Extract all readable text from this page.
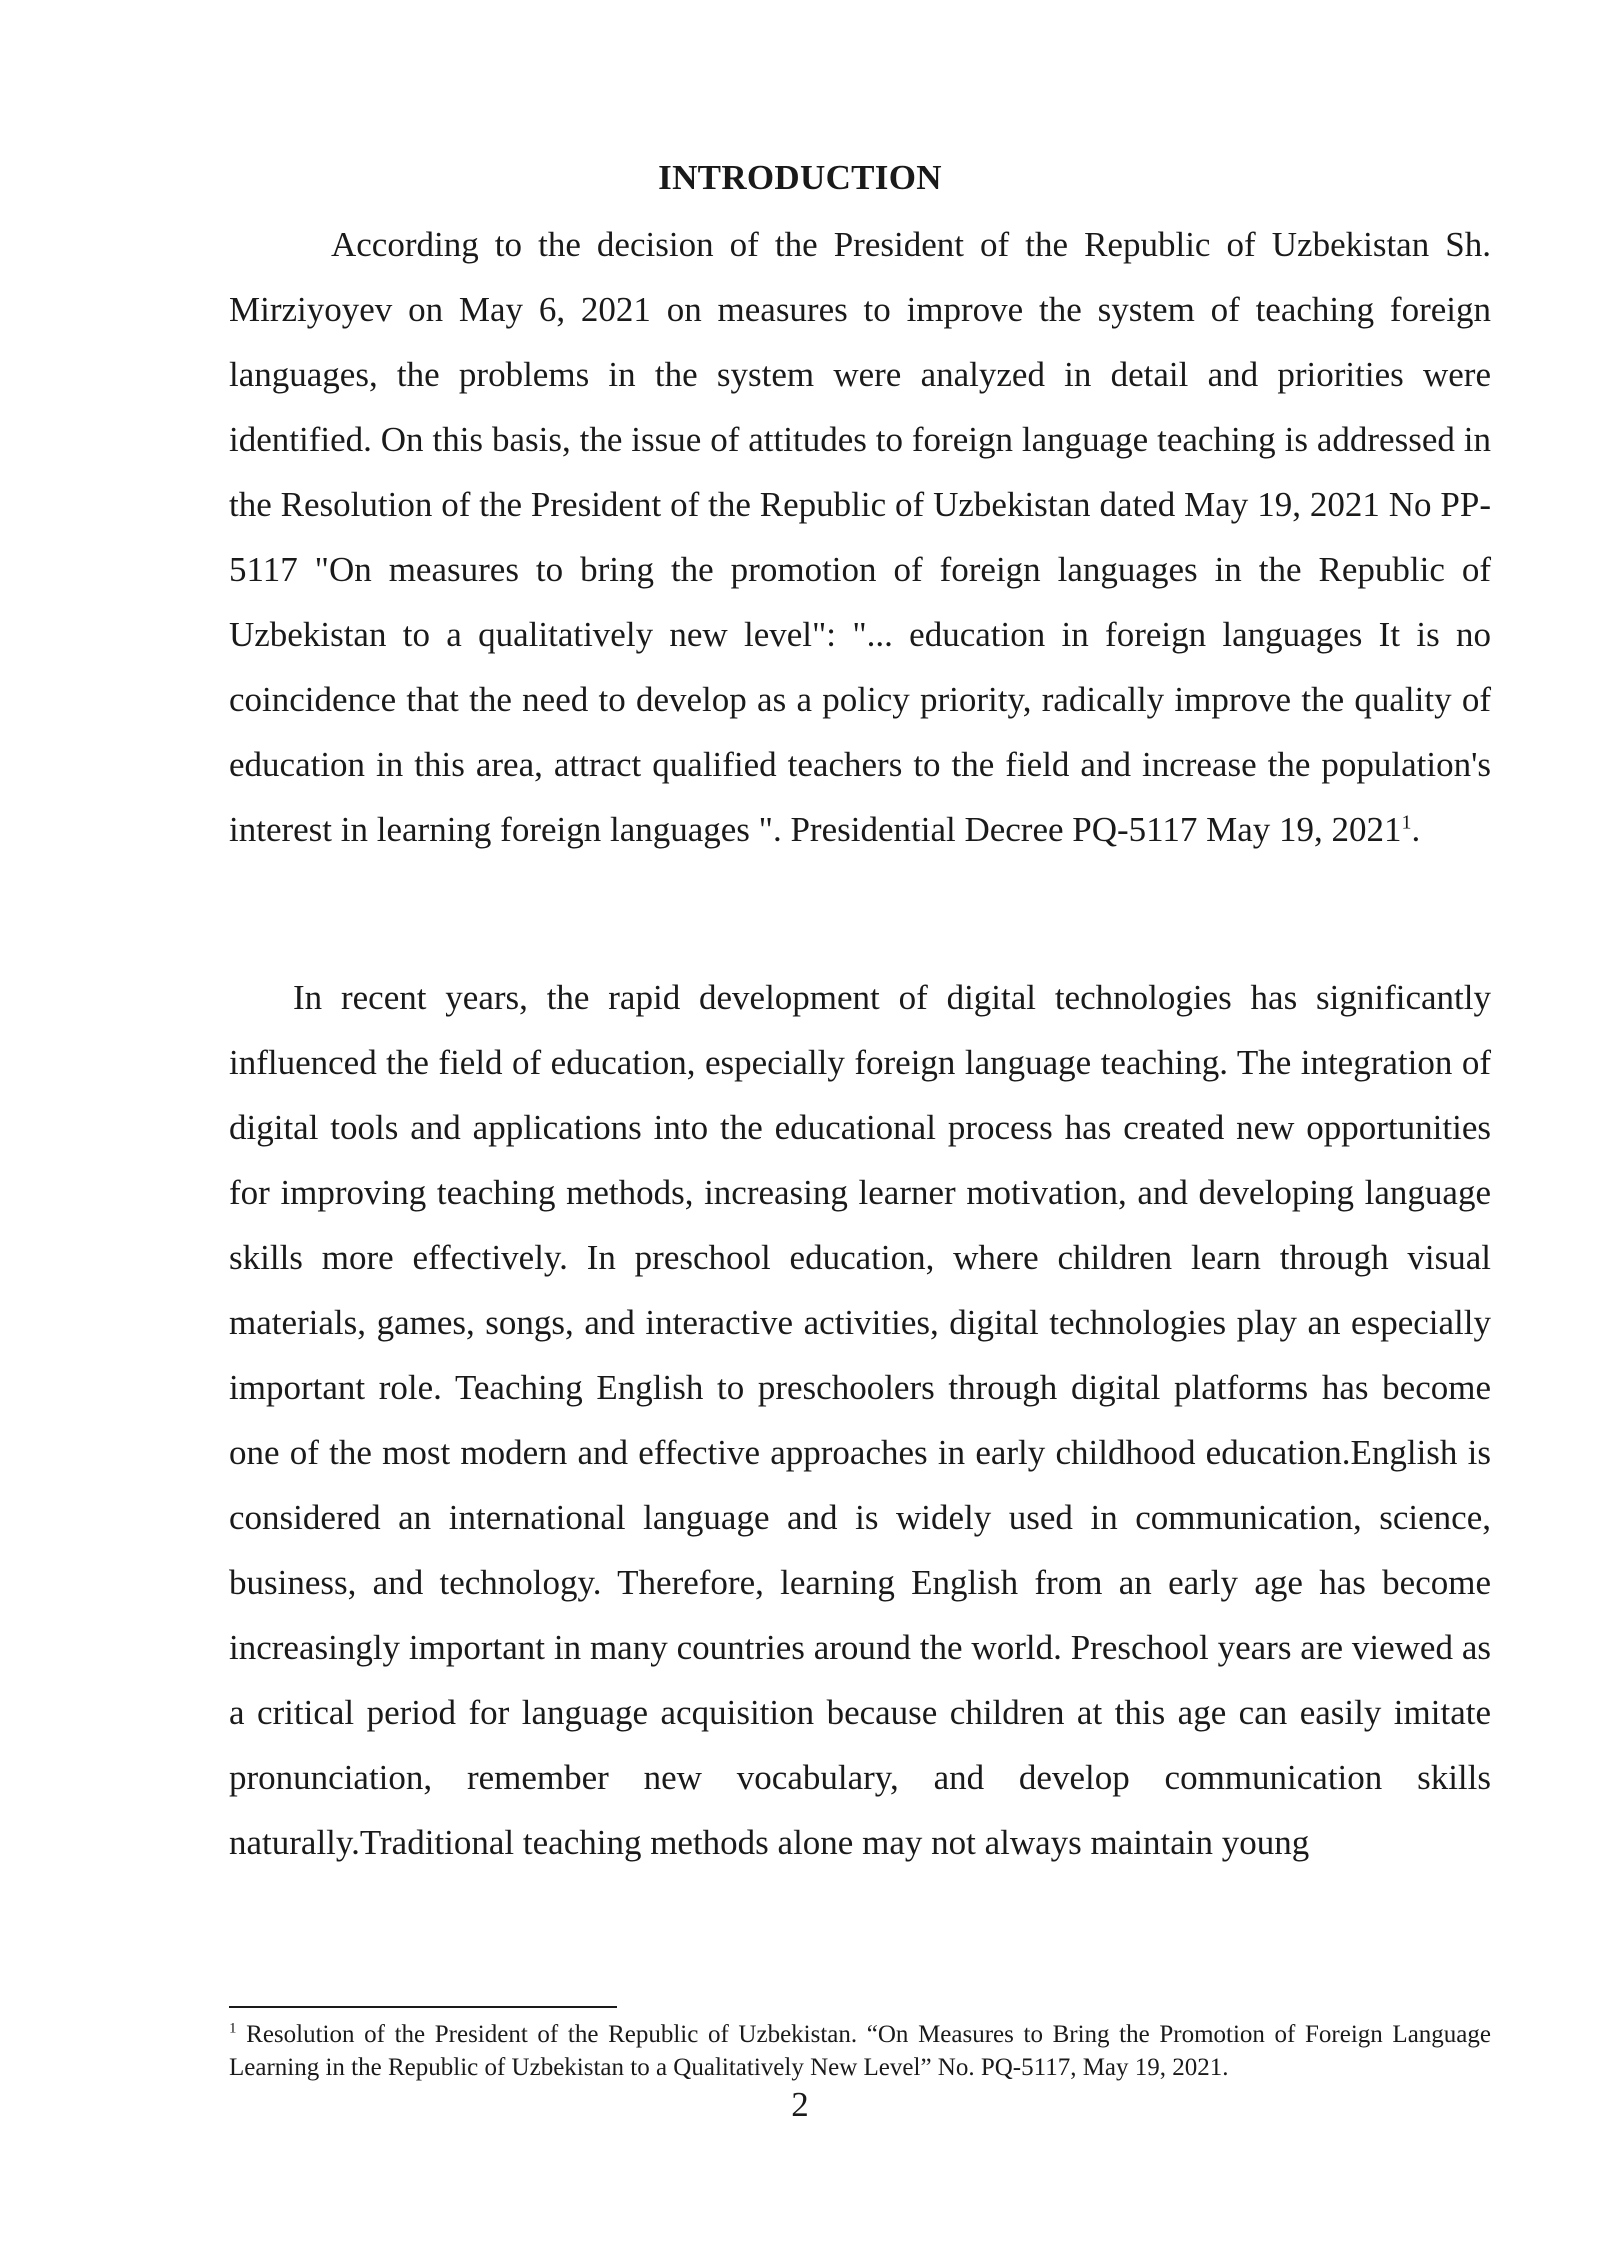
INTRODUCTION

According to the decision of the President of the Republic of Uzbekistan Sh. Mirziyoyev on May 6, 2021 on measures to improve the system of teaching foreign languages, the problems in the system were analyzed in detail and priorities were identified. On this basis, the issue of attitudes to foreign language teaching is addressed in the Resolution of the President of the Republic of Uzbekistan dated May 19, 2021 No PP-5117 "On measures to bring the promotion of foreign languages in the Republic of Uzbekistan to a qualitatively new level": "... education in foreign languages It is no coincidence that the need to develop as a policy priority, radically improve the quality of education in this area, attract qualified teachers to the field and increase the population's interest in learning foreign languages ". Presidential Decree PQ-5117 May 19, 2021$^1$.

In recent years, the rapid development of digital technologies has significantly influenced the field of education, especially foreign language teaching. The integration of digital tools and applications into the educational process has created new opportunities for improving teaching methods, increasing learner motivation, and developing language skills more effectively. In preschool education, where children learn through visual materials, games, songs, and interactive activities, digital technologies play an especially important role. Teaching English to preschoolers through digital platforms has become one of the most modern and effective approaches in early childhood education.English is considered an international language and is widely used in communication, science, business, and technology. Therefore, learning English from an early age has become increasingly important in many countries around the world. Preschool years are viewed as a critical period for language acquisition because children at this age can easily imitate pronunciation, remember new vocabulary, and develop communication skills naturally.Traditional teaching methods alone may not always maintain young

$^1$ Resolution of the President of the Republic of Uzbekistan. “On Measures to Bring the Promotion of Foreign Language Learning in the Republic of Uzbekistan to a Qualitatively New Level” No. PQ-5117, May 19, 2021.

2
